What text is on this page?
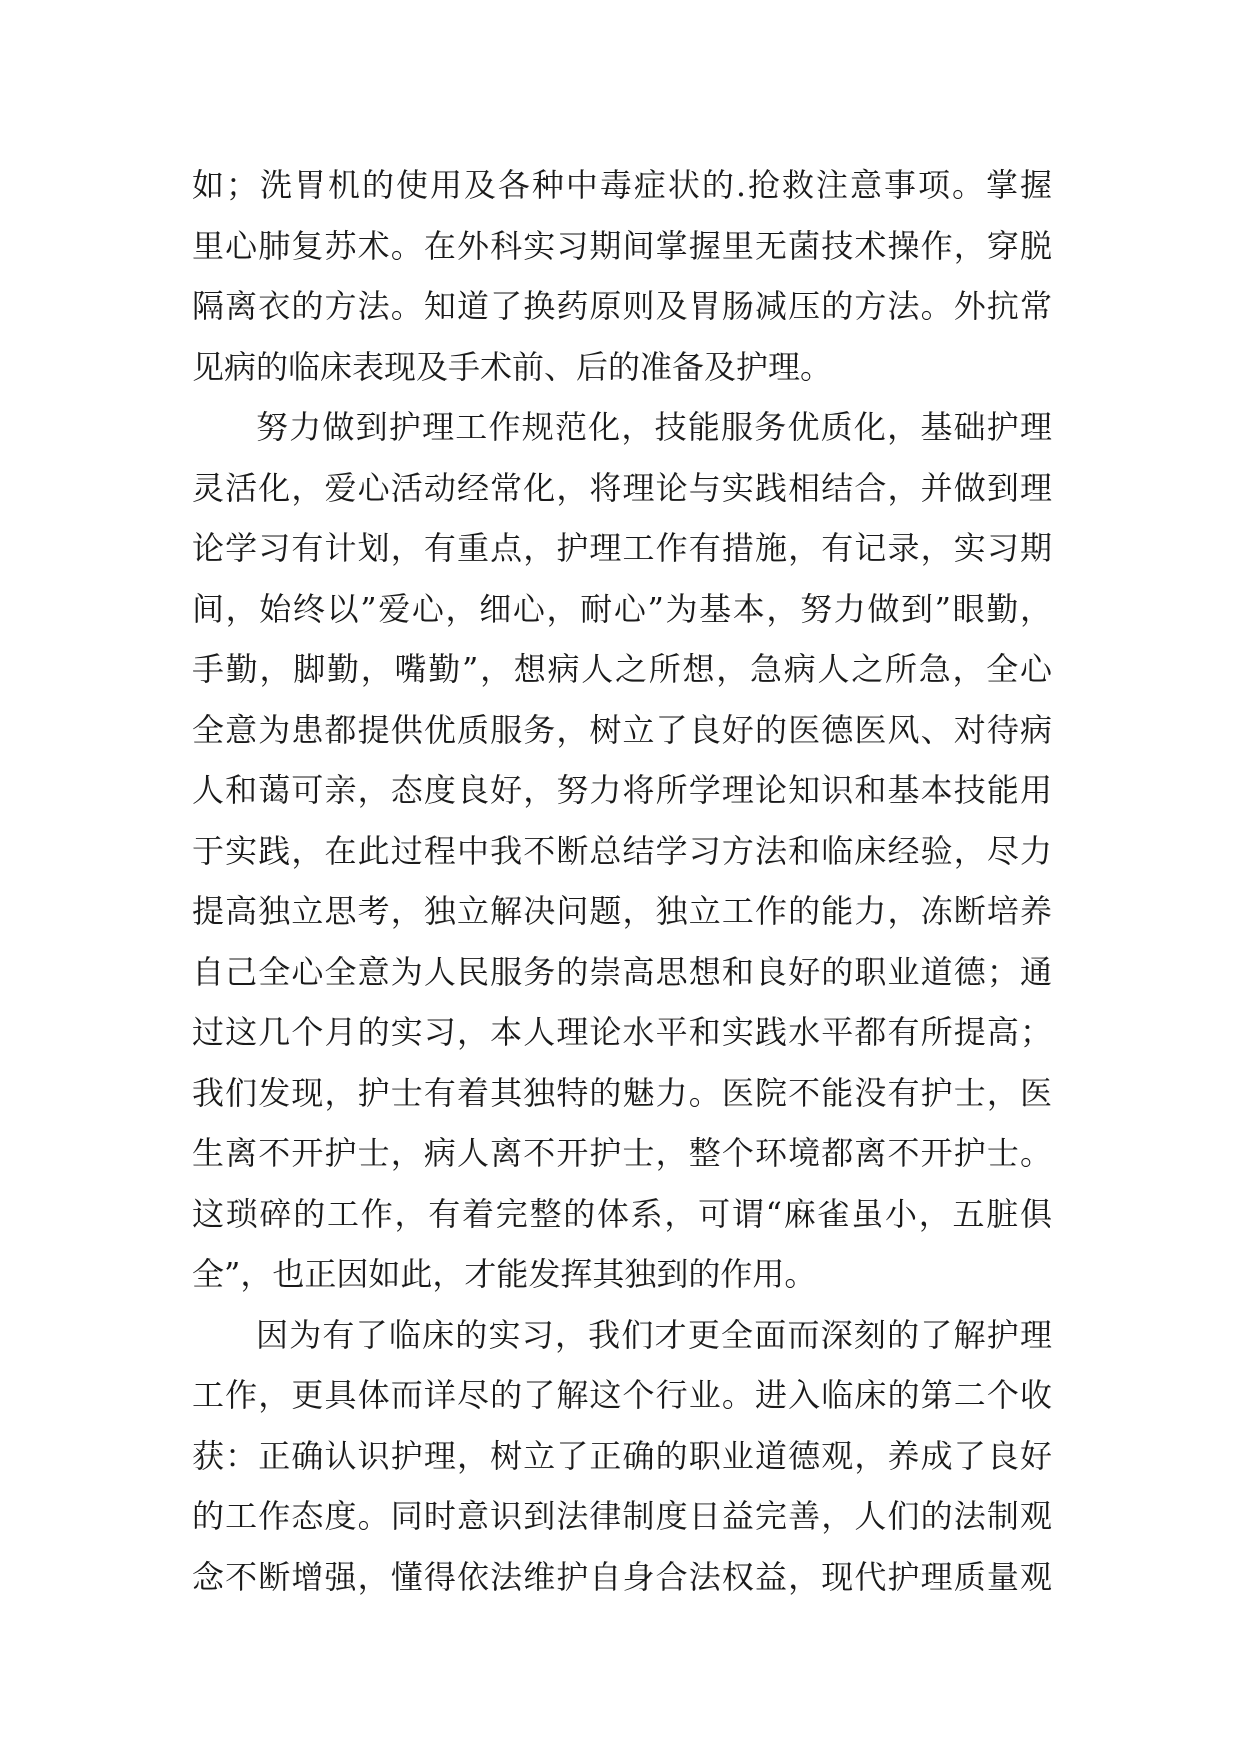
如；洗胃机的使用及各种中毒症状的.抢救注意事项。掌握
里心肺复苏术。在外科实习期间掌握里无菌技术操作，穿脱
隔离衣的方法。知道了换药原则及胃肠减压的方法。外抗常
见病的临床表现及手术前、后的准备及护理。
努力做到护理工作规范化，技能服务优质化，基础护理
灵活化，爱心活动经常化，将理论与实践相结合，并做到理
论学习有计划，有重点，护理工作有措施，有记录，实习期
间，始终以”爱心，细心，耐心”为基本，努力做到”眼勤，
手勤，脚勤，嘴勤”，想病人之所想，急病人之所急，全心
全意为患都提供优质服务，树立了良好的医德医风、对待病
人和蔼可亲，态度良好，努力将所学理论知识和基本技能用
于实践，在此过程中我不断总结学习方法和临床经验，尽力
提高独立思考，独立解决问题，独立工作的能力，冻断培养
自己全心全意为人民服务的崇高思想和良好的职业道德；通
过这几个月的实习，本人理论水平和实践水平都有所提高；
我们发现，护士有着其独特的魅力。医院不能没有护士，医
生离不开护士，病人离不开护士，整个环境都离不开护士。
这琐碎的工作，有着完整的体系，可谓“麻雀虽小，五脏俱
全”，也正因如此，才能发挥其独到的作用。
因为有了临床的实习，我们才更全面而深刻的了解护理
工作，更具体而详尽的了解这个行业。进入临床的第二个收
获：正确认识护理，树立了正确的职业道德观，养成了良好
的工作态度。同时意识到法律制度日益完善，人们的法制观
念不断增强，懂得依法维护自身合法权益，现代护理质量观
